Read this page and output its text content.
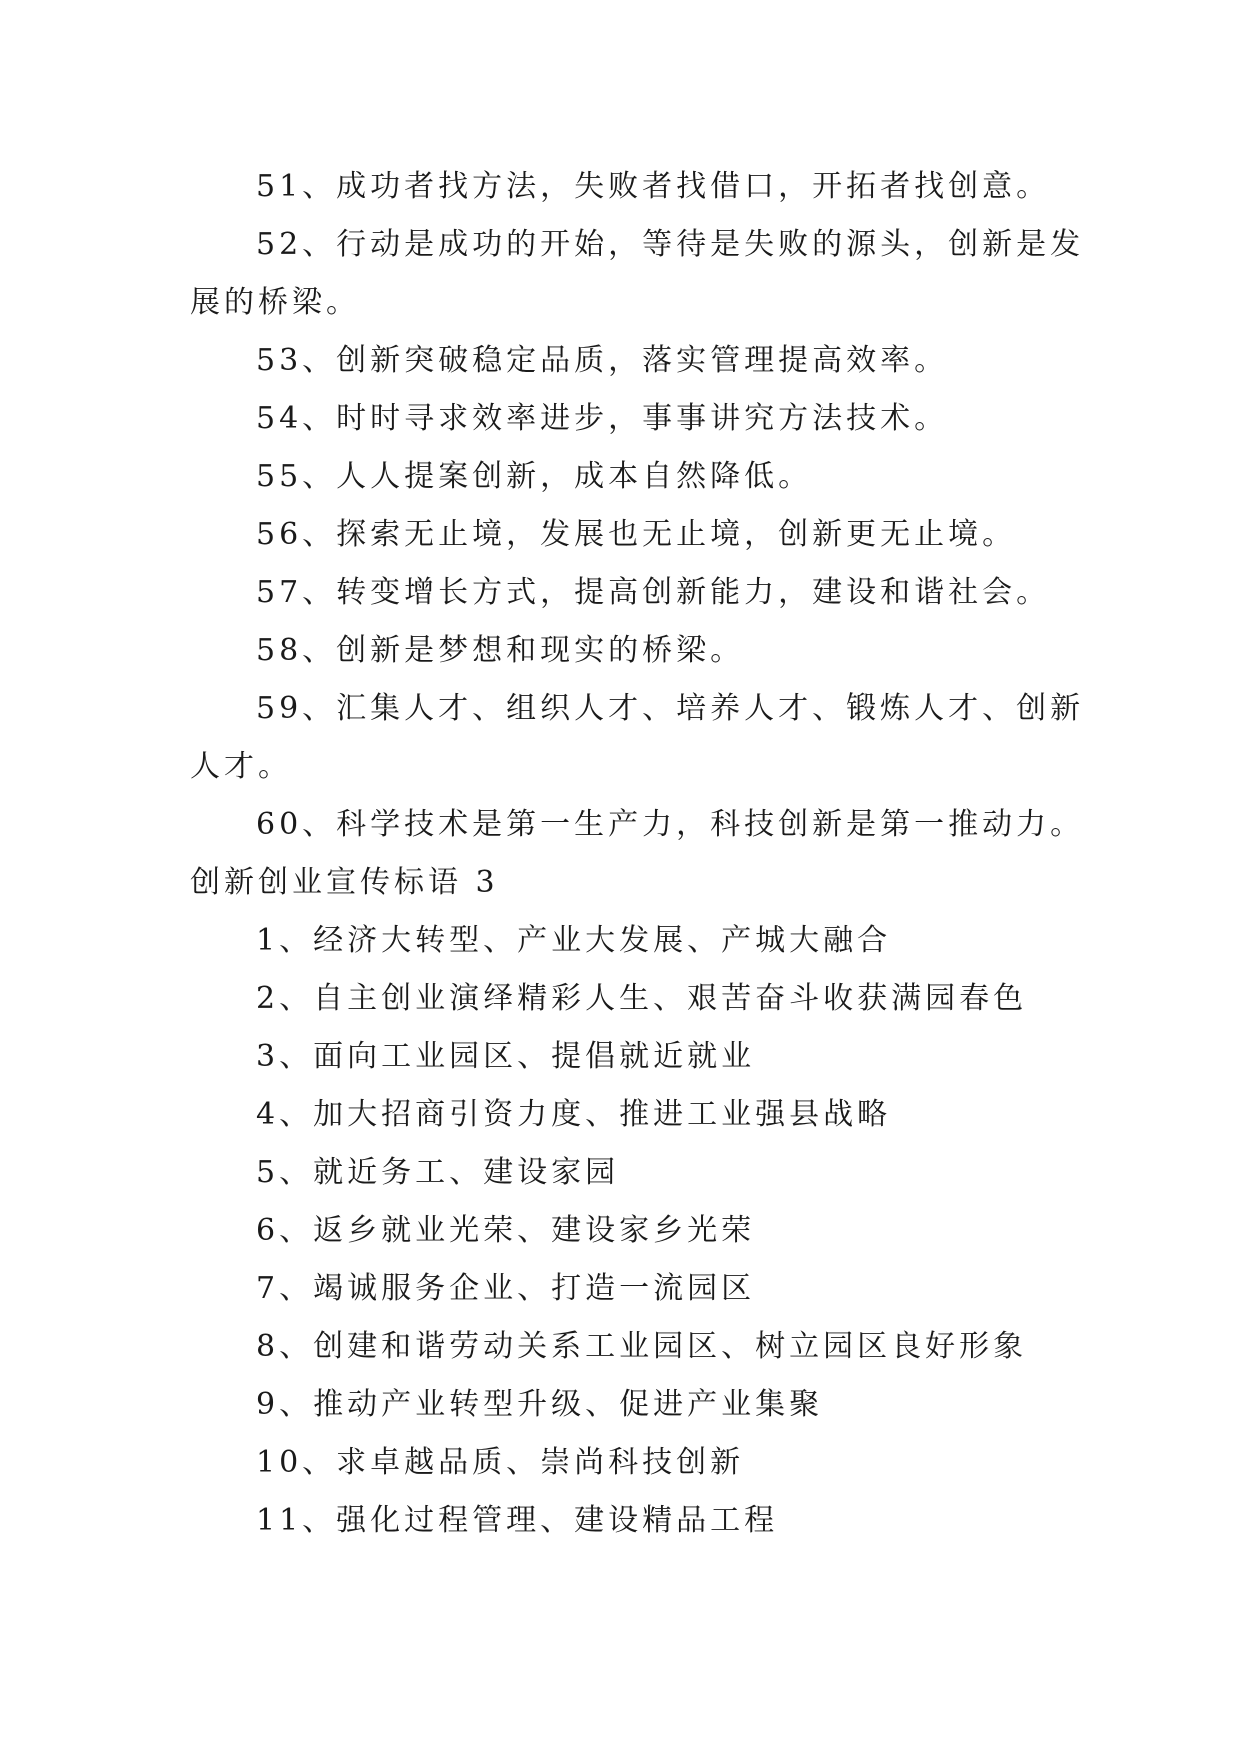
51、成功者找方法，失败者找借口，开拓者找创意。

52、行动是成功的开始，等待是失败的源头，创新是发展的桥梁。

53、创新突破稳定品质，落实管理提高效率。

54、时时寻求效率进步，事事讲究方法技术。

55、人人提案创新，成本自然降低。

56、探索无止境，发展也无止境，创新更无止境。

57、转变增长方式，提高创新能力，建设和谐社会。

58、创新是梦想和现实的桥梁。

59、汇集人才、组织人才、培养人才、锻炼人才、创新人才。

60、科学技术是第一生产力，科技创新是第一推动力。

创新创业宣传标语 3

1、经济大转型、产业大发展、产城大融合

2、自主创业演绎精彩人生、艰苦奋斗收获满园春色

3、面向工业园区、提倡就近就业

4、加大招商引资力度、推进工业强县战略

5、就近务工、建设家园

6、返乡就业光荣、建设家乡光荣

7、竭诚服务企业、打造一流园区

8、创建和谐劳动关系工业园区、树立园区良好形象

9、推动产业转型升级、促进产业集聚

10、求卓越品质、崇尚科技创新

11、强化过程管理、建设精品工程
